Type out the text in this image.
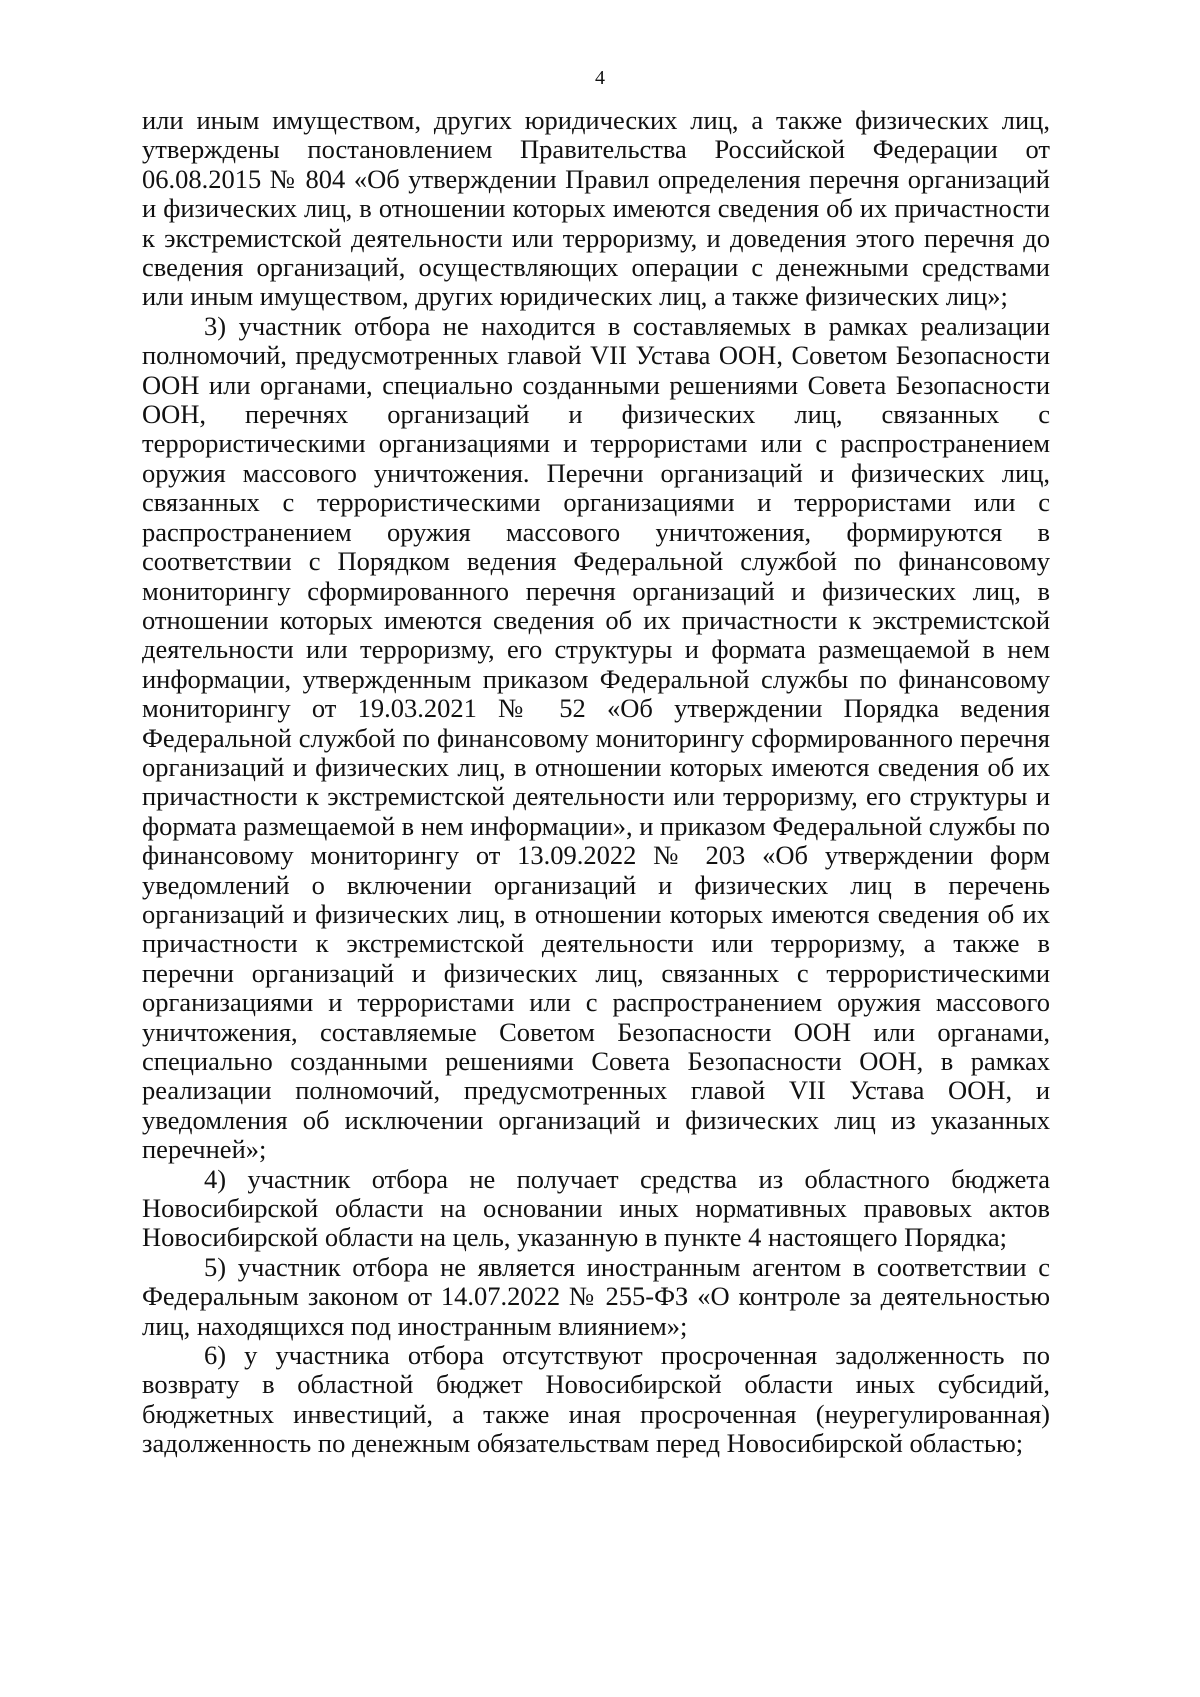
4

или иным имуществом, других юридических лиц, а также физических лиц, утверждены постановлением Правительства Российской Федерации от 06.08.2015 № 804 «Об утверждении Правил определения перечня организаций и физических лиц, в отношении которых имеются сведения об их причастности к экстремистской деятельности или терроризму, и доведения этого перечня до сведения организаций, осуществляющих операции с денежными средствами или иным имуществом, других юридических лиц, а также физических лиц»;

3) участник отбора не находится в составляемых в рамках реализации полномочий, предусмотренных главой VII Устава ООН, Советом Безопасности ООН или органами, специально созданными решениями Совета Безопасности ООН, перечнях организаций и физических лиц, связанных с террористическими организациями и террористами или с распространением оружия массового уничтожения. Перечни организаций и физических лиц, связанных с террористическими организациями и террористами или с распространением оружия массового уничтожения, формируются в соответствии с Порядком ведения Федеральной службой по финансовому мониторингу сформированного перечня организаций и физических лиц, в отношении которых имеются сведения об их причастности к экстремистской деятельности или терроризму, его структуры и формата размещаемой в нем информации, утвержденным приказом Федеральной службы по финансовому мониторингу от 19.03.2021 № 52 «Об утверждении Порядка ведения Федеральной службой по финансовому мониторингу сформированного перечня организаций и физических лиц, в отношении которых имеются сведения об их причастности к экстремистской деятельности или терроризму, его структуры и формата размещаемой в нем информации», и приказом Федеральной службы по финансовому мониторингу от 13.09.2022 № 203 «Об утверждении форм уведомлений о включении организаций и физических лиц в перечень организаций и физических лиц, в отношении которых имеются сведения об их причастности к экстремистской деятельности или терроризму, а также в перечни организаций и физических лиц, связанных с террористическими организациями и террористами или с распространением оружия массового уничтожения, составляемые Советом Безопасности ООН или органами, специально созданными решениями Совета Безопасности ООН, в рамках реализации полномочий, предусмотренных главой VII Устава ООН, и уведомления об исключении организаций и физических лиц из указанных перечней»;

4) участник отбора не получает средства из областного бюджета Новосибирской области на основании иных нормативных правовых актов Новосибирской области на цель, указанную в пункте 4 настоящего Порядка;

5) участник отбора не является иностранным агентом в соответствии с Федеральным законом от 14.07.2022 № 255-ФЗ «О контроле за деятельностью лиц, находящихся под иностранным влиянием»;

6) у участника отбора отсутствуют просроченная задолженность по возврату в областной бюджет Новосибирской области иных субсидий, бюджетных инвестиций, а также иная просроченная (неурегулированная) задолженность по денежным обязательствам перед Новосибирской областью;
